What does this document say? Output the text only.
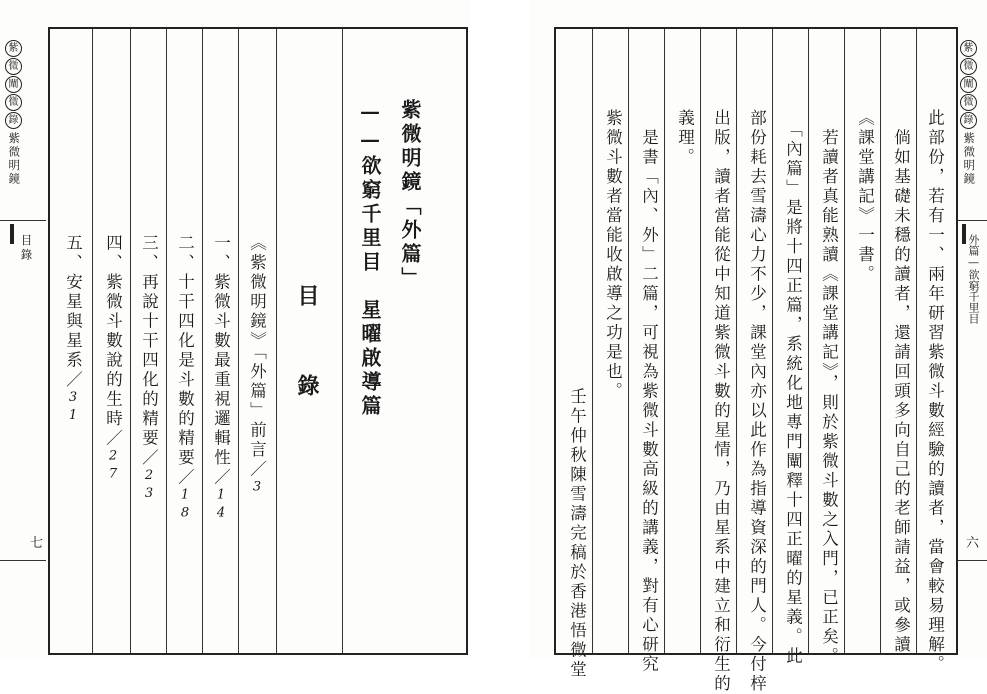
紫
微
闡
微
錄
紫微明鏡
目錄
七
紫微明鏡「外篇」
——欲窮千里目　星曜啟導篇
目
錄
《紫微明鏡》「外篇」前言／3
一、紫微斗數最重視邏輯性／14
二、十干四化是斗數的精要／18
三、再說十干四化的精要／23
四、紫微斗數說的生時／27
五、安星與星系／31	此部份，若有一、兩年研習紫微斗數經驗的讀者，當會較易理解。
　倘如基礎未穩的讀者，還請回頭多向自己的老師請益，或參讀
《課堂講記》一書。
　若讀者真能熟讀《課堂講記》，則於紫微斗數之入門，已正矣。
　「內篇」是將十四正篇，系統化地專門闡釋十四正曜的星義。此
部份耗去雪濤心力不少，課堂內亦以此作為指導資深的門人。今付梓
出版，讀者當能從中知道紫微斗數的星情，乃由星系中建立和衍生的
義理。
　是書「內、外」二篇，可視為紫微斗數高級的講義，對有心研究
紫微斗數者當能收啟導之功是也。
　　　壬午仲秋陳雪濤完稿於香港悟微堂
紫
微
闡
微
錄
紫微明鏡
外篇—欲窮千里目
六
